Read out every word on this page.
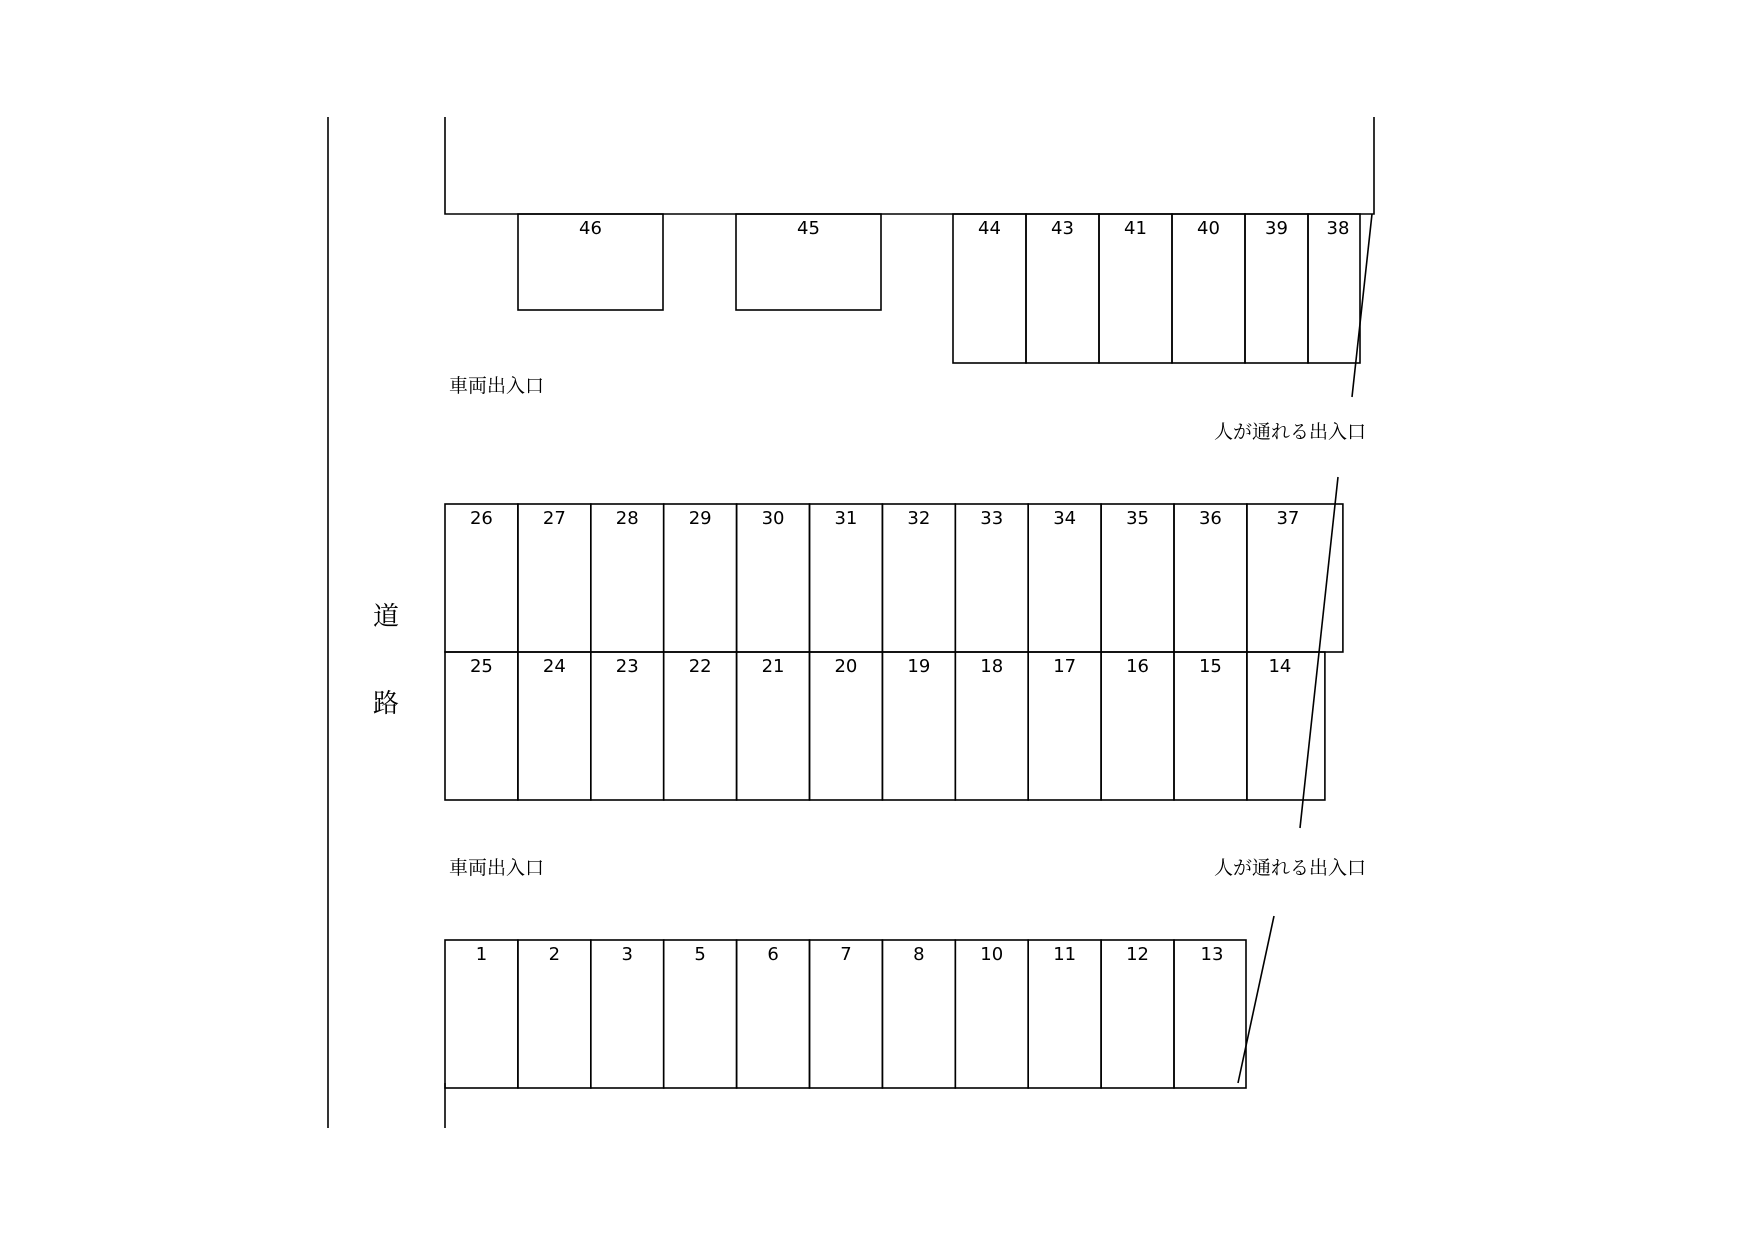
46	45	44	43	41	40	39 38
26	27	28	29	30	31	32	33	34	35	36	37
25	24	23	22	21	20	19	18	17	16	15	14
1	2	3	5	6	7	8	10	11	12	13
道
路
車両出入口
車両出入口
人が通れる出入口
人が通れる出入口
